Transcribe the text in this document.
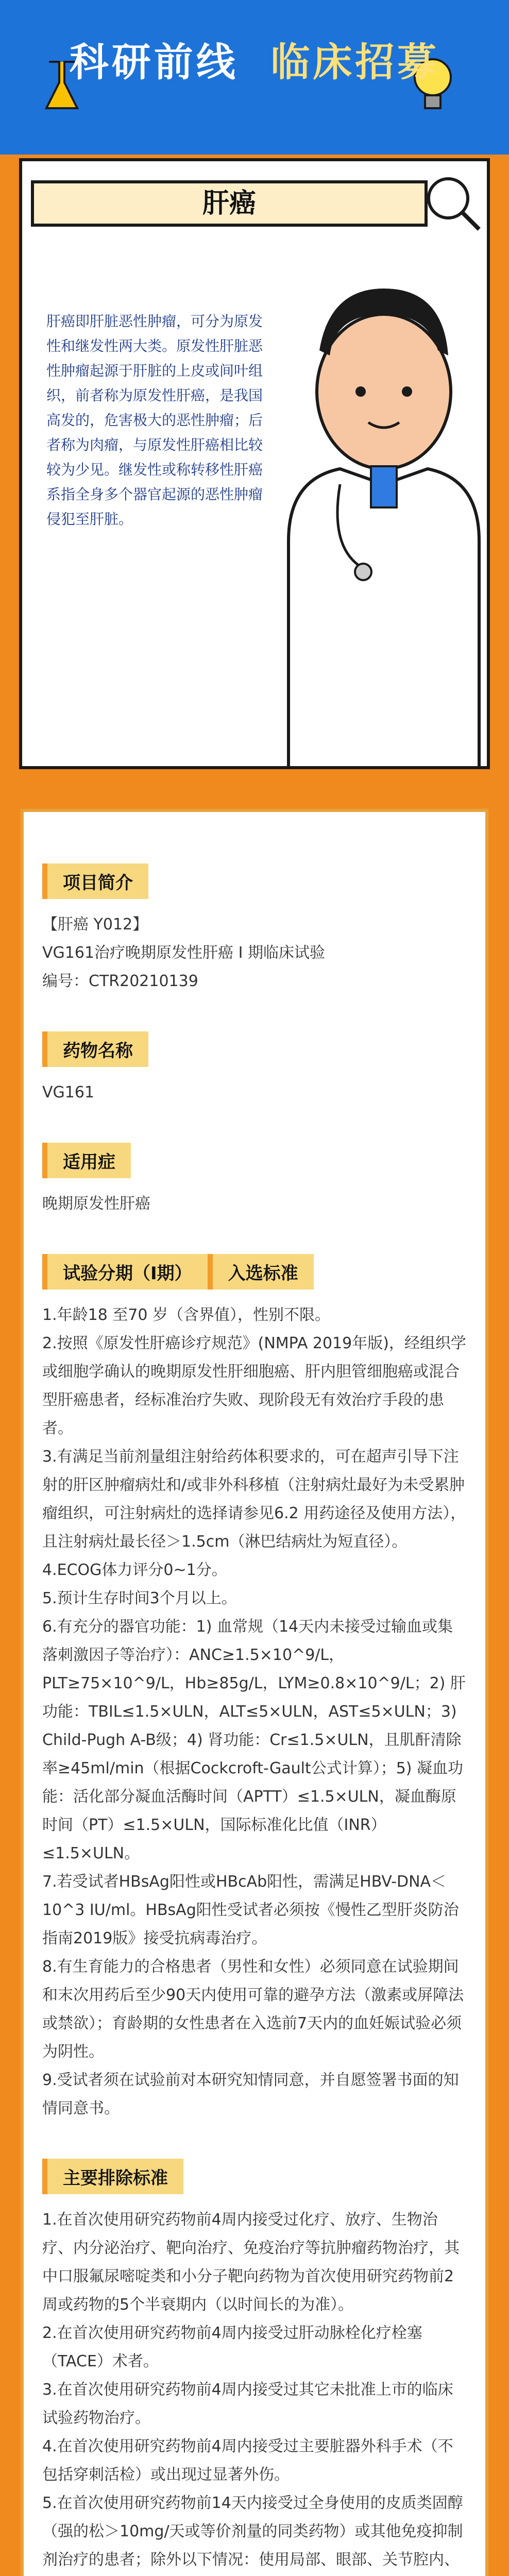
肝癌
科研前线 临床招募

肝癌即肝脏恶性肿瘤，可分为原发性和继发性两大类。原发性肝脏恶性肿瘤起源于肝脏的上皮或间叶组织，前者称为原发性肝癌，是我国高发的，危害极大的恶性肿瘤；后者称为肉瘤，与原发性肝癌相比较较为少见。继发性或称转移性肝癌系指全身多个器官起源的恶性肿瘤侵犯至肝脏。

项目简介

【肝癌 Y012】

VG161治疗晚期原发性肝癌 I 期临床试验

编号：CTR20210139

药物名称

VG161

适用症

晚期原发性肝癌

试验分期（I期） 入选标准

1.年龄18 至70 岁（含界值），性别不限。

2.按照《原发性肝癌诊疗规范》(NMPA 2019年版)，经组织学或细胞学确认的晚期原发性肝细胞癌、肝内胆管细胞癌或混合型肝癌患者，经标准治疗失败、现阶段无有效治疗手段的患者。

3.有满足当前剂量组注射给药体积要求的，可在超声引导下注射的肝区肿瘤病灶和/或非外科移植（注射病灶最好为未受累肿瘤组织，可注射病灶的选择请参见6.2 用药途径及使用方法），且注射病灶最长径＞1.5cm（淋巴结病灶为短直径）。

4.ECOG体力评分0~1分。

5.预计生存时间3个月以上。

6.有充分的器官功能：1) 血常规（14天内未接受过输血或集落刺激因子等治疗）：ANC≥1.5×10^9/L，PLT≥75×10^9/L，Hb≥85g/L，LYM≥0.8×10^9/L；2) 肝功能：TBIL≤1.5×ULN，ALT≤5×ULN，AST≤5×ULN；3) Child-Pugh A-B级；4) 肾功能：Cr≤1.5×ULN，且肌酐清除率≥45ml/min（根据Cockcroft-Gault公式计算）；5) 凝血功能：活化部分凝血活酶时间（APTT）≤1.5×ULN，凝血酶原时间（PT）≤1.5×ULN，国际标准化比值（INR）≤1.5×ULN。

7.若受试者HBsAg阳性或HBcAb阳性，需满足HBV-DNA＜10^3 IU/ml。HBsAg阳性受试者必须按《慢性乙型肝炎防治指南2019版》接受抗病毒治疗。

8.有生育能力的合格患者（男性和女性）必须同意在试验期间和末次用药后至少90天内使用可靠的避孕方法（激素或屏障法或禁欲）；育龄期的女性患者在入选前7天内的血妊娠试验必须为阴性。

9.受试者须在试验前对本研究知情同意，并自愿签署书面的知情同意书。

主要排除标准

1.在首次使用研究药物前4周内接受过化疗、放疗、生物治疗、内分泌治疗、靶向治疗、免疫治疗等抗肿瘤药物治疗，其中口服氟尿嘧啶类和小分子靶向药物为首次使用研究药物前2周或药物的5个半衰期内（以时间长的为准）。

2.在首次使用研究药物前4周内接受过肝动脉栓化疗栓塞（TACE）术者。

3.在首次使用研究药物前4周内接受过其它未批准上市的临床试验药物治疗。

4.在首次使用研究药物前4周内接受过主要脏器外科手术（不包括穿刺活检）或出现过显著外伤。

5.在首次使用研究药物前14天内接受过全身使用的皮质类固醇（强的松＞10mg/天或等价剂量的同类药物）或其他免疫抑制剂治疗的患者；除外以下情况：使用局部、眼部、关节腔内、
